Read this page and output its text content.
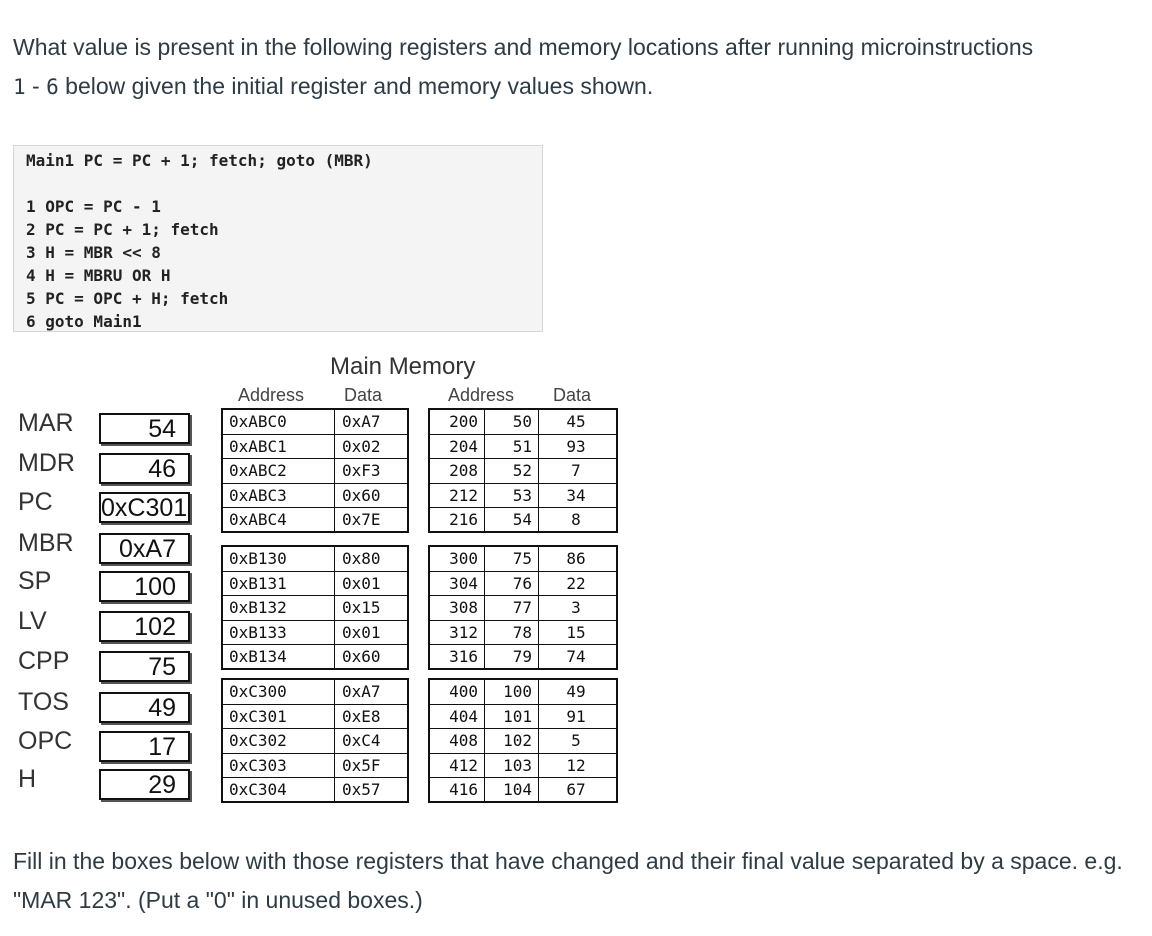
What value is present in the following registers and memory locations after running microinstructions
1 - 6 below given the initial register and memory values shown.
Main1 PC = PC + 1; fetch; goto (MBR)
1 OPC = PC - 1
2 PC = PC + 1; fetch
3 H = MBR << 8
4 H = MBRU OR H
5 PC = OPC + H; fetch
6 goto Main1
Main Memory
Address Data	Address Data
MAR	54
MDR	46
PC 0xC301
MBR	0xA7
SP	100
LV	102
CPP	75
TOS	49
OPC	17
H	29
0xABC0	0xA7
0xABC1	0x02
0xABC2	0xF3
0xABC3	0x60
0xABC4	0x7E
0xB130	0x80
0xB131	0x01
0xB132	0x15
0xB133	0x01
0xB134	0x60
0xC300	0xA7
0xC301	0xE8
0xC302	0xC4
0xC303	0x5F
0xC304	0x57
200	50	45
204	51	93
208	52	7
212	53	34
216	54	8
300	75	86
304	76	22
308	77	3
312	78	15
316	79	74
400	100	49
404	101	91
408	102	5
412	103	12
416	104	67
Fill in the boxes below with those registers that have changed and their final value separated by a space. e.g. "MAR 123". (Put a "0" in unused boxes.)
